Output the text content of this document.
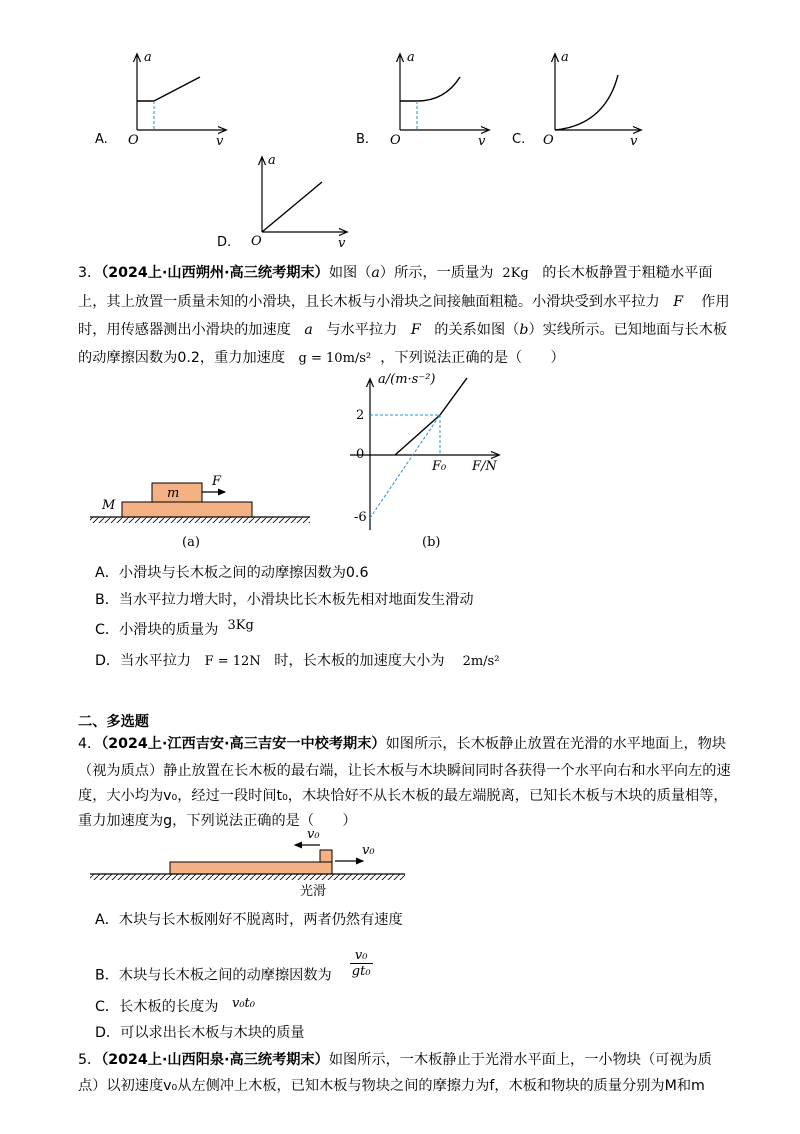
A.
a
O	v	B.
a
O	v C.
a
O	v
D.
a
O	v
3．（2024上·山西朔州·高三统考期末）如图（a）所示，一质量为 2Kg 的长木板静置于粗糙水平面
上，其上放置一质量未知的小滑块，且长木板与小滑块之间接触面粗糙。小滑块受到水平拉力 F 作用
时，用传感器测出小滑块的加速度 a 与水平拉力 F 的关系如图（b）实线所示。已知地面与长木板
的动摩擦因数为0.2，重力加速度 g = 10m/s² ，下列说法正确的是（　　）
m
M
F
(a)
a/(m·s⁻²)
2
0
-6
F₀ F/N
(b)
A．小滑块与长木板之间的动摩擦因数为0.6
B．当水平拉力增大时，小滑块比长木板先相对地面发生滑动
C．小滑块的质量为 3Kg
D．当水平拉力 F = 12N 时，长木板的加速度大小为 2m/s²
二、多选题
4．（2024上·江西吉安·高三吉安一中校考期末）如图所示，长木板静止放置在光滑的水平地面上，物块
（视为质点）静止放置在长木板的最右端，让长木板与木块瞬间同时各获得一个水平向右和水平向左的速
度，大小均为v₀，经过一段时间t₀，木块恰好不从长木板的最左端脱离，已知长木板与木块的质量相等，
重力加速度为g，下列说法正确的是（　　）
v₀
v₀
光滑
A．木块与长木板刚好不脱离时，两者仍然有速度
B．木块与长木板之间的动摩擦因数为 $\frac{\text{v₀}}{\text{gt₀}}$
C．长木板的长度为 v₀t₀
D．可以求出长木板与木块的质量
5．（2024上·山西阳泉·高三统考期末）如图所示，一木板静止于光滑水平面上，一小物块（可视为质
点）以初速度v₀从左侧冲上木板，已知木板与物块之间的摩擦力为f，木板和物块的质量分别为M和m
